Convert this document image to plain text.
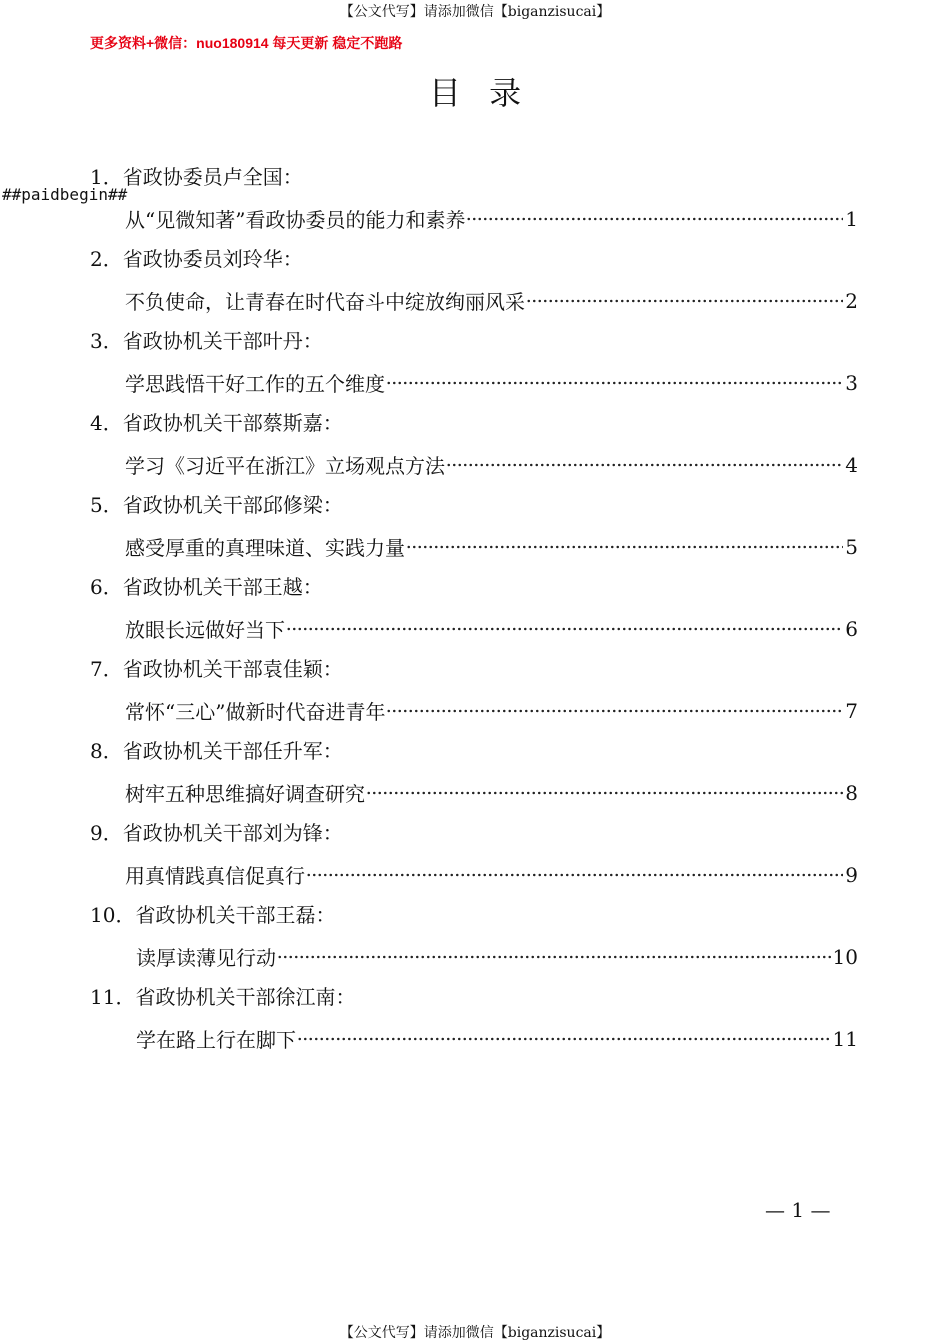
【公文代写】请添加微信【biganzisucai】
更多资料+微信：nuo180914 每天更新 稳定不跑路
目 录
##paidbegin##
1．省政协委员卢全国：
从“见微知著”看政协委员的能力和素养	1
2．省政协委员刘玲华：
不负使命，让青春在时代奋斗中绽放绚丽风采	2
3．省政协机关干部叶丹：
学思践悟干好工作的五个维度	3
4．省政协机关干部蔡斯嘉：
学习《习近平在浙江》立场观点方法	4
5．省政协机关干部邱修梁：
感受厚重的真理味道、实践力量	5
6．省政协机关干部王越：
放眼长远做好当下	6
7．省政协机关干部袁佳颖：
常怀“三心”做新时代奋进青年	7
8．省政协机关干部任升军：
树牢五种思维搞好调查研究	8
9．省政协机关干部刘为锋：
用真情践真信促真行	9
10．省政协机关干部王磊：
读厚读薄见行动	10
11．省政协机关干部徐江南：
学在路上行在脚下	11
— 1 —
【公文代写】请添加微信【biganzisucai】
